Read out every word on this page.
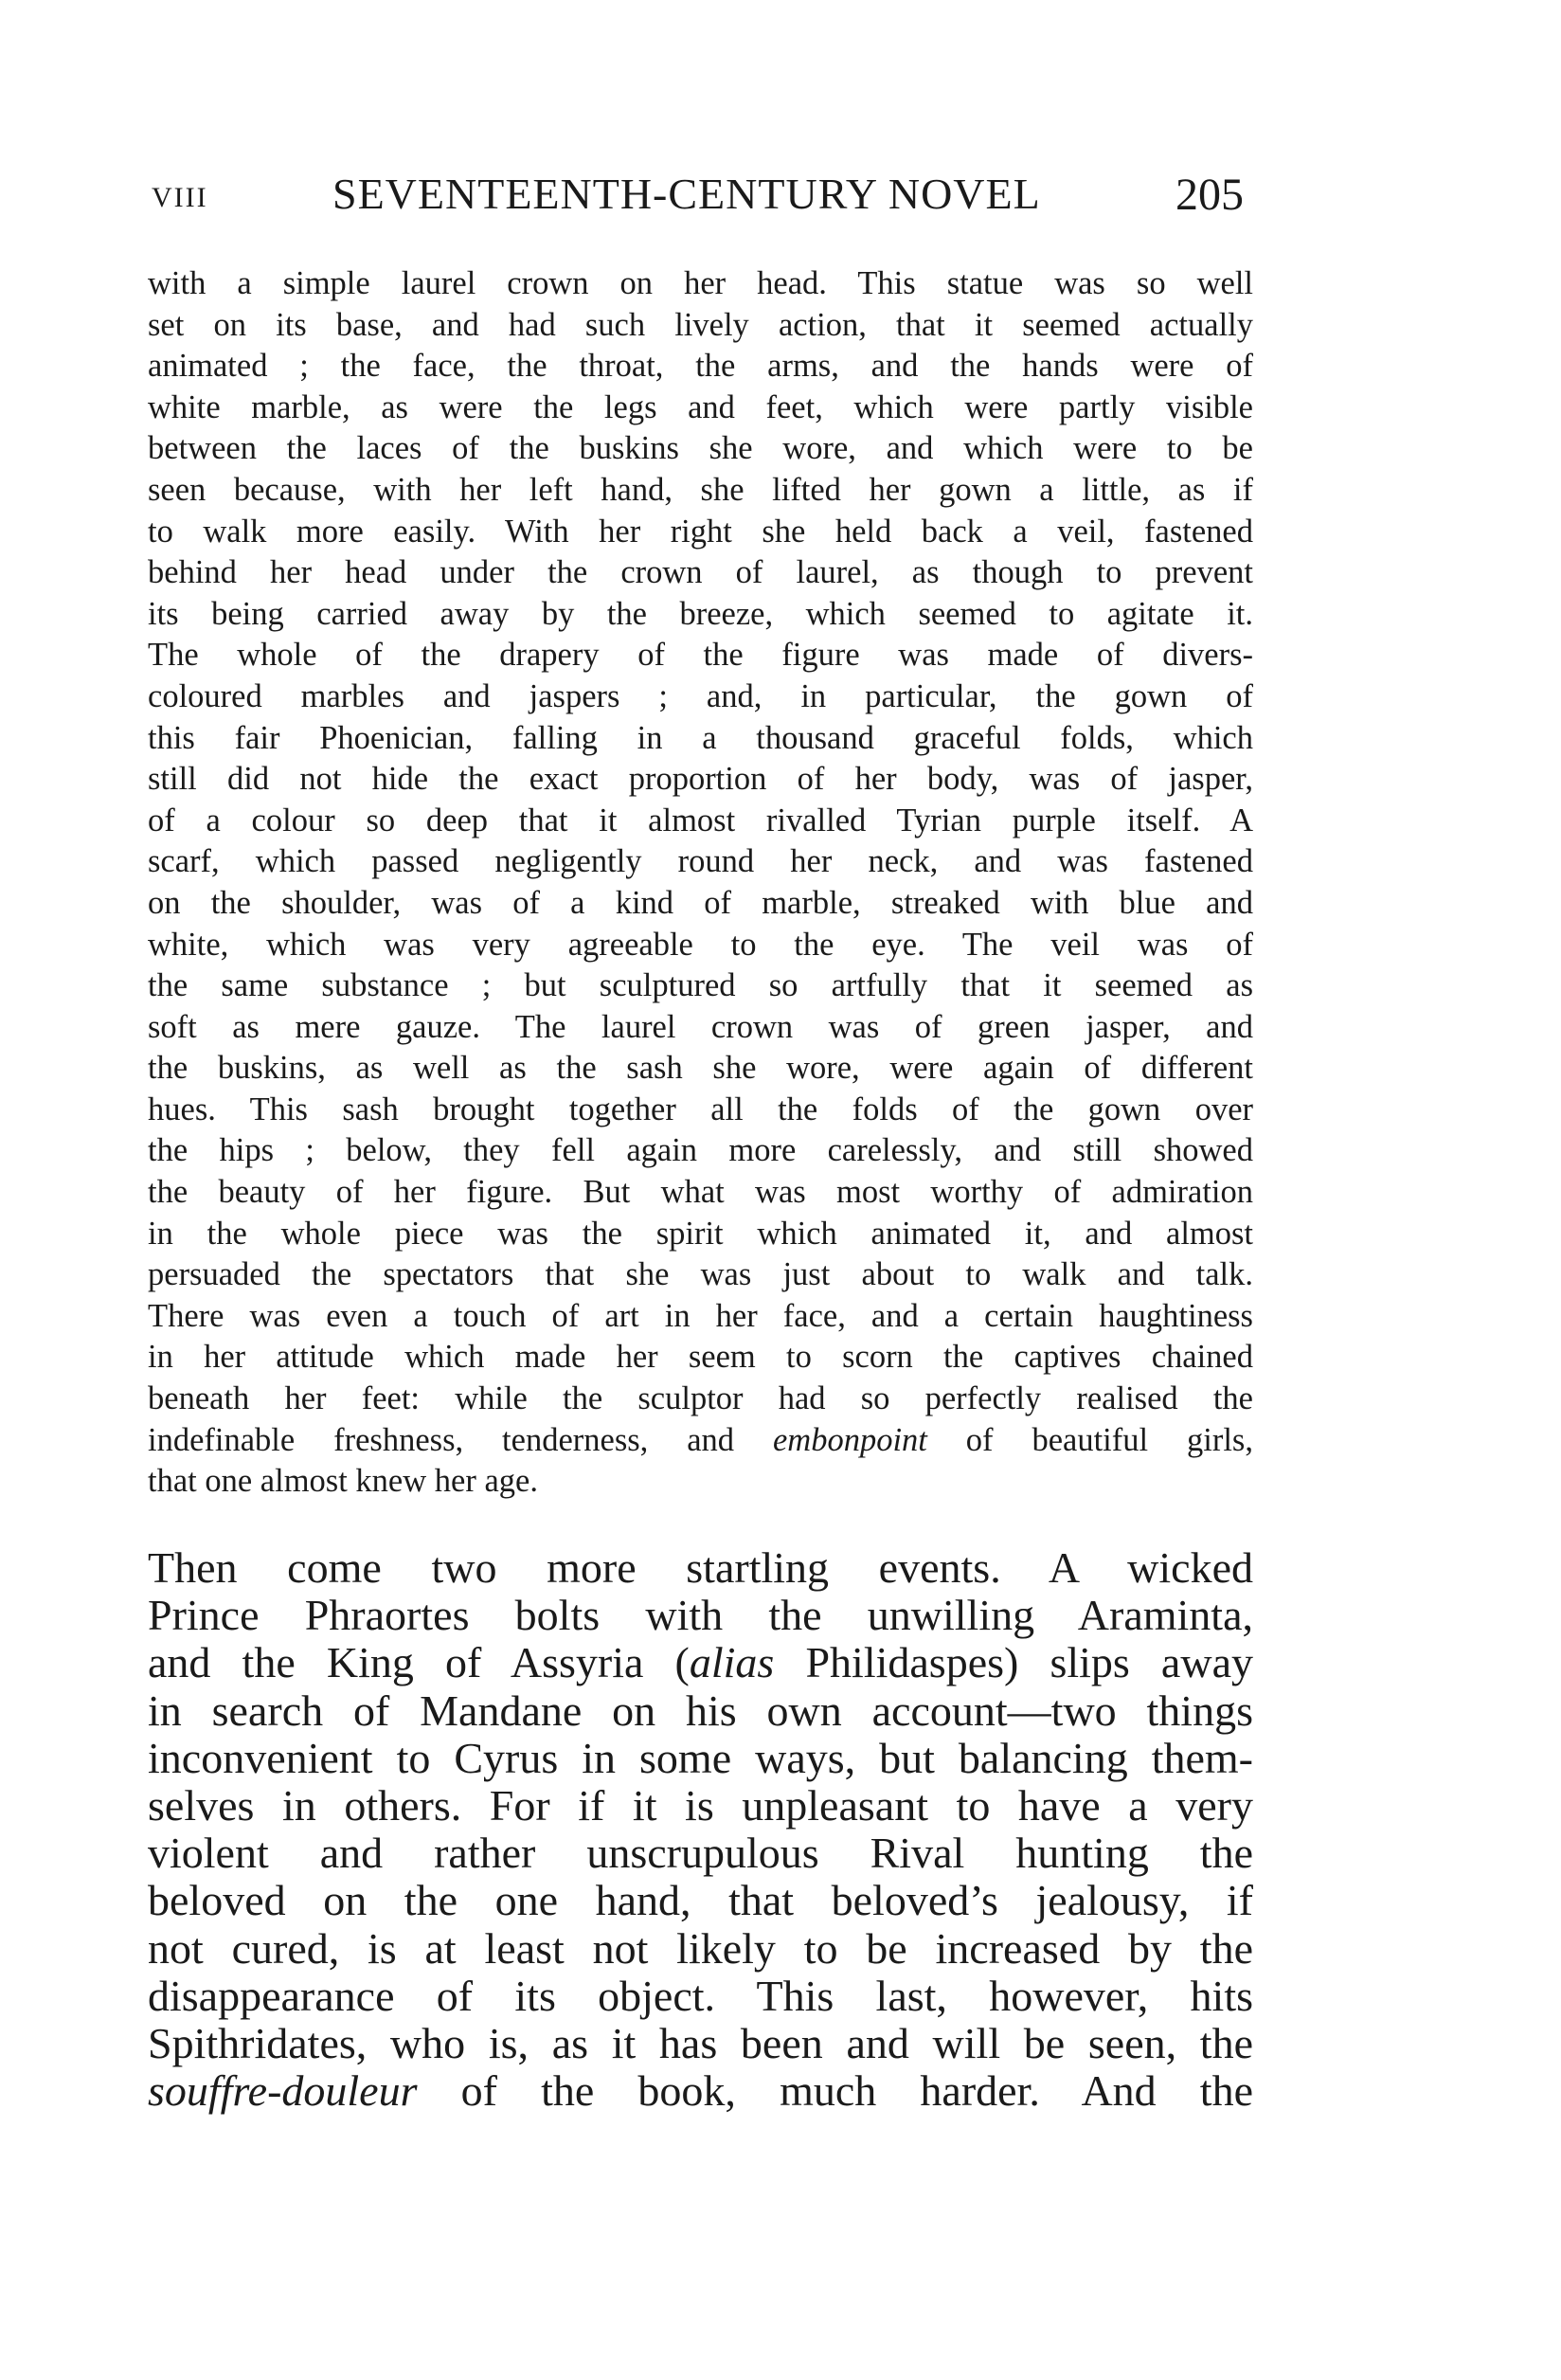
VIII	SEVENTEENTH-CENTURY NOVEL	205
with a simple laurel crown on her head. This statue was so well
set on its base, and had such lively action, that it seemed actually
animated ; the face, the throat, the arms, and the hands were of
white marble, as were the legs and feet, which were partly visible
between the laces of the buskins she wore, and which were to be
seen because, with her left hand, she lifted her gown a little, as if
to walk more easily. With her right she held back a veil, fastened
behind her head under the crown of laurel, as though to prevent
its being carried away by the breeze, which seemed to agitate it.
The whole of the drapery of the figure was made of divers-
coloured marbles and jaspers ; and, in particular, the gown of
this fair Phoenician, falling in a thousand graceful folds, which
still did not hide the exact proportion of her body, was of jasper,
of a colour so deep that it almost rivalled Tyrian purple itself. A
scarf, which passed negligently round her neck, and was fastened
on the shoulder, was of a kind of marble, streaked with blue and
white, which was very agreeable to the eye. The veil was of
the same substance ; but sculptured so artfully that it seemed as
soft as mere gauze. The laurel crown was of green jasper, and
the buskins, as well as the sash she wore, were again of different
hues. This sash brought together all the folds of the gown over
the hips ; below, they fell again more carelessly, and still showed
the beauty of her figure. But what was most worthy of admiration
in the whole piece was the spirit which animated it, and almost
persuaded the spectators that she was just about to walk and talk.
There was even a touch of art in her face, and a certain haughtiness
in her attitude which made her seem to scorn the captives chained
beneath her feet: while the sculptor had so perfectly realised the
indefinable freshness, tenderness, and embonpoint of beautiful girls,
that one almost knew her age.
Then come two more startling events. A wicked
Prince Phraortes bolts with the unwilling Araminta,
and the King of Assyria (alias Philidaspes) slips away
in search of Mandane on his own account—two things
inconvenient to Cyrus in some ways, but balancing them-
selves in others. For if it is unpleasant to have a very
violent and rather unscrupulous Rival hunting the
beloved on the one hand, that beloved’s jealousy, if
not cured, is at least not likely to be increased by the
disappearance of its object. This last, however, hits
Spithridates, who is, as it has been and will be seen, the
souffre-douleur of the book, much harder. And the
